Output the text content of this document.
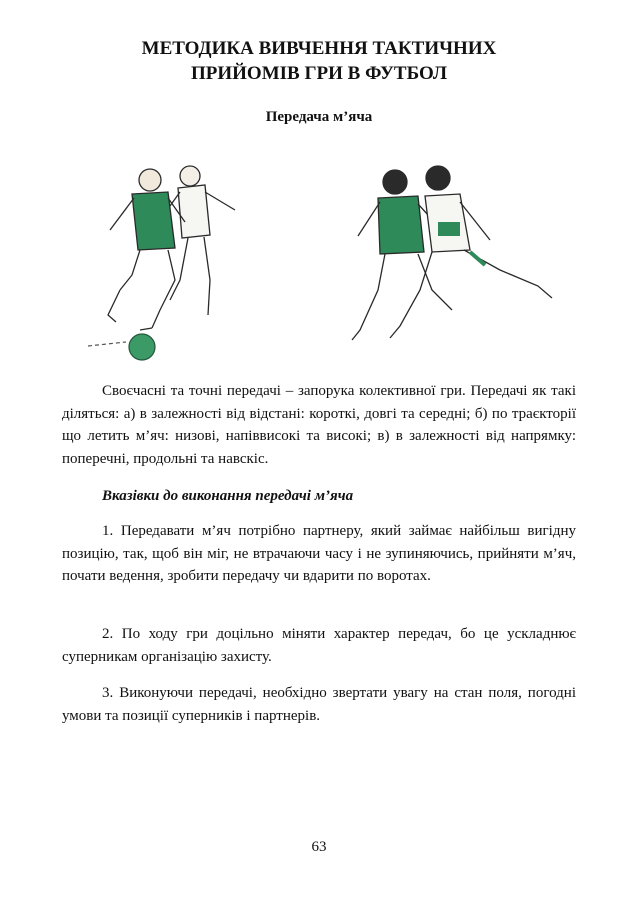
МЕТОДИКА ВИВЧЕННЯ ТАКТИЧНИХ
ПРИЙОМІВ ГРИ В ФУТБОЛ
Передача м’яча

Своєчасні та точні передачі – запорука колективної гри. Передачі як такі діляться: а) в залежності від відстані: короткі, довгі та середні; б) по траєкторії що летить м’яч: низові, напіввисокі та високі; в) в залежності від напрямку: поперечні, продольні та навскіс.

Вказівки до виконання передачі м’яча

1. Передавати м’яч потрібно партнеру, який займає найбільш вигідну позицію, так, щоб він міг, не втрачаючи часу і не зупиняючись, прийняти м’яч, почати ведення, зробити передачу чи вдарити по воротах.

2. По ходу гри доцільно міняти характер передач, бо це ускладнює суперникам організацію захисту.

3. Виконуючи передачі, необхідно звертати увагу на стан поля, погодні умови та позиції суперників і партнерів.

63
